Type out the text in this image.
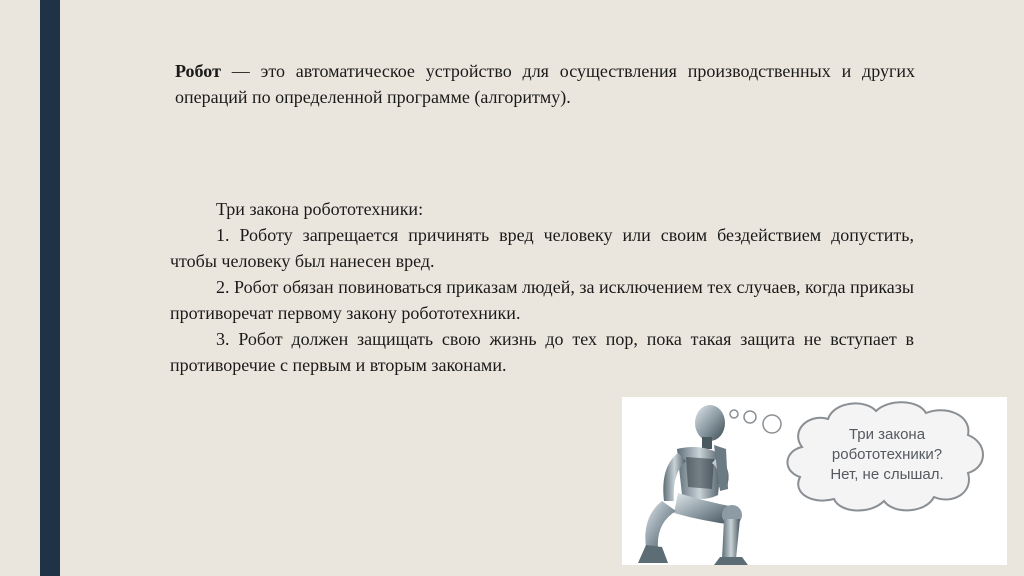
Робот — это автоматическое устройство для осуществления производственных и других операций по определенной программе (алгоритму).

Три закона робототехники:

1. Роботу запрещается причинять вред человеку или своим бездействием допустить, чтобы человеку был нанесен вред.

2. Робот обязан повиноваться приказам людей, за исключением тех случаев, когда приказы противоречат первому закону робототехники.

3. Робот должен защищать свою жизнь до тех пор, пока такая защита не вступает в противоречие с первым и вторым законами.

Три закона
робототехники?
Нет, не слышал.
